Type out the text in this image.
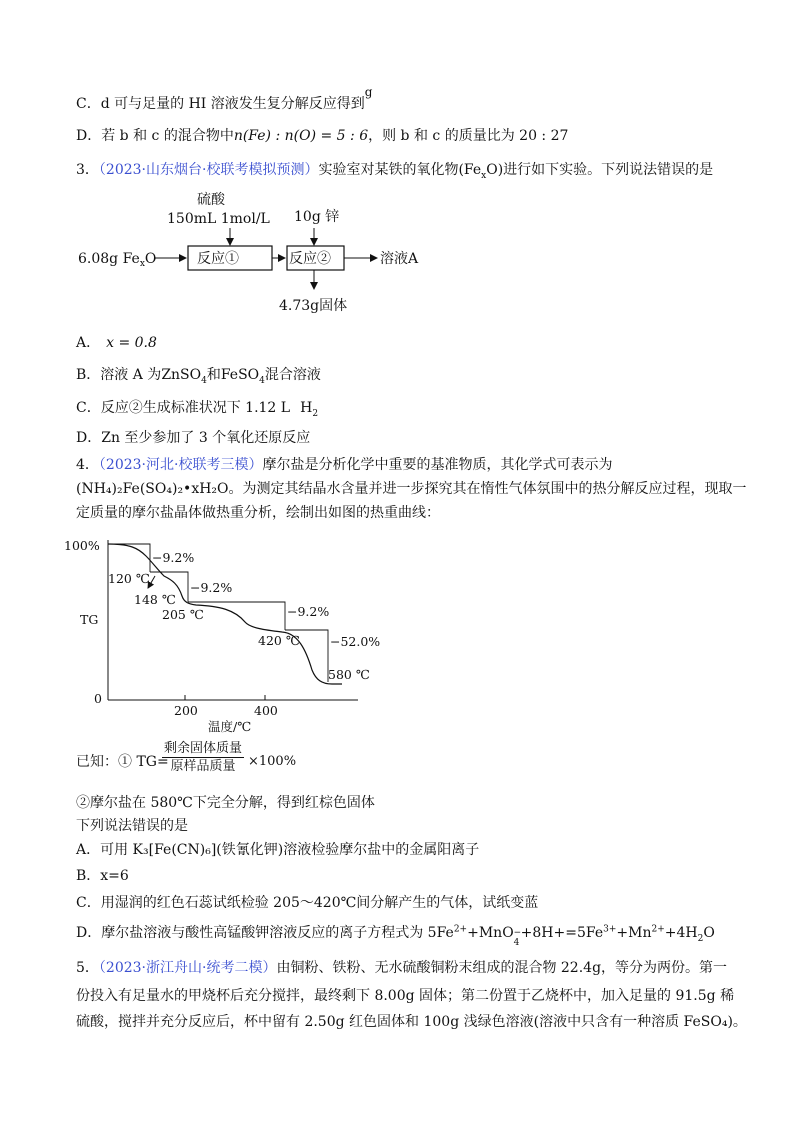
C．d 可与足量的 HI 溶液发生复分解反应得到$^g$
D．若 b 和 c 的混合物中n(Fe) : n(O) = 5 : 6，则 b 和 c 的质量比为 20 : 27
3．（2023·山东烟台·校联考模拟预测）实验室对某铁的氧化物$(Fe_xO)$进行如下实验。下列说法错误的是
硫酸
150mL 1mol/L 10g 锌
6.08g $Fe_xO$	反应①	反应②	溶液A
4.73g固体
A． x = 0.8
B．溶液 A 为ZnSO$_4$和FeSO$_4$混合溶液
C．反应②生成标准状况下 1.12 L $H_2$
D．Zn 至少参加了 3 个氧化还原反应
4．（2023·河北·校联考三模）摩尔盐是分析化学中重要的基准物质，其化学式可表示为
(NH₄)₂Fe(SO₄)₂•xH₂O。为测定其结晶水含量并进一步探究其在惰性气体氛围中的热分解反应过程，现取一
定质量的摩尔盐晶体做热重分析，绘制出如图的热重曲线：
100%
0
TG
200	400
温度/℃
−9.2%
−9.2%
−9.2%
−52.0%
120 ℃
148 ℃
205 ℃
420 ℃
580 ℃
已知：① TG=
剩余固体质量
原样品质量 ×100%
②摩尔盐在 580℃下完全分解，得到红棕色固体
下列说法错误的是
A．可用 K₃[Fe(CN)₆](铁氰化钾)溶液检验摩尔盐中的金属阳离子
B．x=6
C．用湿润的红色石蕊试纸检验 205～420℃间分解产生的气体，试纸变蓝
D．摩尔盐溶液与酸性高锰酸钾溶液反应的离子方程式为 $5Fe^{2+}+MnO$ −
4
$+8H+=5Fe^{3+}+Mn^{2+}+4H_2O$
5．（2023·浙江舟山·统考二模）由铜粉、铁粉、无水硫酸铜粉末组成的混合物 22.4g，等分为两份。第一
份投入有足量水的甲烧杯后充分搅拌，最终剩下 8.00g 固体；第二份置于乙烧杯中，加入足量的 91.5g 稀
硫酸，搅拌并充分反应后，杯中留有 2.50g 红色固体和 100g 浅绿色溶液(溶液中只含有一种溶质 FeSO₄)。
